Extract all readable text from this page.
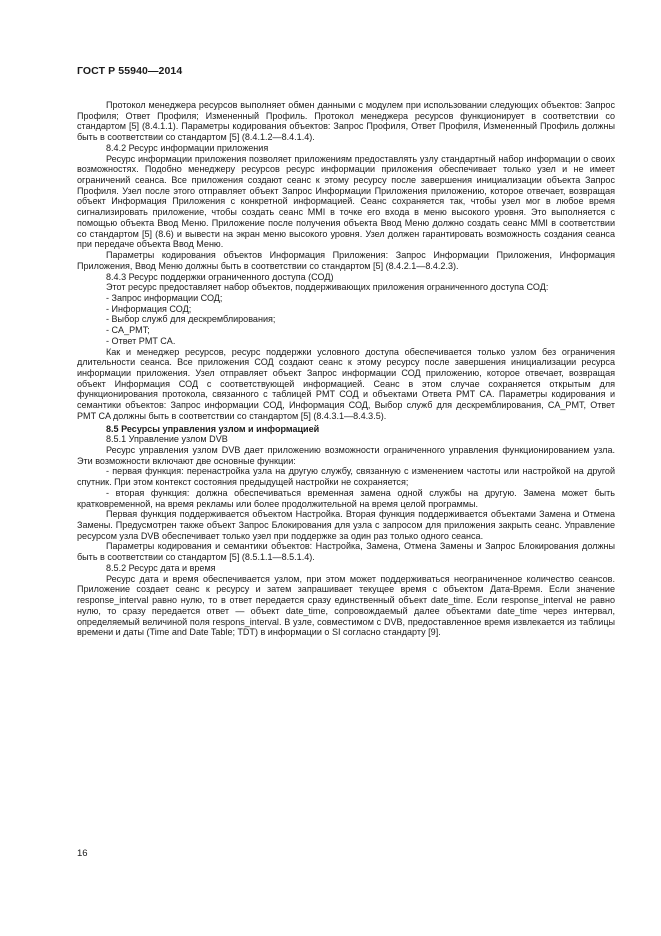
ГОСТ Р 55940—2014

Протокол менеджера ресурсов выполняет обмен данными с модулем при использовании следующих объектов: Запрос Профиля; Ответ Профиля; Измененный Профиль. Протокол менеджера ресурсов функционирует в соответствии со стандартом [5] (8.4.1.1). Параметры кодирования объектов: Запрос Профиля, Ответ Профиля, Измененный Профиль должны быть в соответствии со стандартом [5] (8.4.1.2—8.4.1.4).

8.4.2 Ресурс информации приложения

Ресурс информации приложения позволяет приложениям предоставлять узлу стандартный набор информации о своих возможностях. Подобно менеджеру ресурсов ресурс информации приложения обеспечивает только узел и не имеет ограничений сеанса. Все приложения создают сеанс к этому ресурсу после завершения инициализации объекта Запрос Профиля. Узел после этого отправляет объект Запрос Информации Приложения приложению, которое отвечает, возвращая объект Информация Приложения с конкретной информацией. Сеанс сохраняется так, чтобы узел мог в любое время сигнализировать приложение, чтобы создать сеанс MMI в точке его входа в меню высокого уровня. Это выполняется с помощью объекта Ввод Меню. Приложение после получения объекта Ввод Меню должно создать сеанс MMI в соответствии со стандартом [5] (8.6) и вывести на экран меню высокого уровня. Узел должен гарантировать возможность создания сеанса при передаче объекта Ввод Меню.

Параметры кодирования объектов Информация Приложения: Запрос Информации Приложения, Информация Приложения, Ввод Меню должны быть в соответствии со стандартом [5] (8.4.2.1—8.4.2.3).

8.4.3 Ресурс поддержки ограниченного доступа (СОД)

Этот ресурс предоставляет набор объектов, поддерживающих приложения ограниченного доступа СОД:

- Запрос информации СОД;

- Информация СОД;

- Выбор служб для дескремблирования;

- CA_PMT;

- Ответ PMT CA.

Как и менеджер ресурсов, ресурс поддержки условного доступа обеспечивается только узлом без ограничения длительности сеанса. Все приложения СОД создают сеанс к этому ресурсу после завершения инициализации ресурса информации приложения. Узел отправляет объект Запрос информации СОД приложению, которое отвечает, возвращая объект Информация СОД с соответствующей информацией. Сеанс в этом случае сохраняется открытым для функционирования протокола, связанного с таблицей PMT СОД и объектами Ответа PMT CA. Параметры кодирования и семантики объектов: Запрос информации СОД, Информация СОД, Выбор служб для дескремблирования, CA_PMT, Ответ PMT CA должны быть в соответствии со стандартом [5] (8.4.3.1—8.4.3.5).

8.5 Ресурсы управления узлом и информацией

8.5.1 Управление узлом DVB

Ресурс управления узлом DVB дает приложению возможности ограниченного управления функционированием узла. Эти возможности включают две основные функции:

- первая функция: перенастройка узла на другую службу, связанную с изменением частоты или настройкой на другой спутник. При этом контекст состояния предыдущей настройки не сохраняется;

- вторая функция: должна обеспечиваться временная замена одной службы на другую. Замена может быть кратковременной, на время рекламы или более продолжительной на время целой программы.

Первая функция поддерживается объектом Настройка. Вторая функция поддерживается объектами Замена и Отмена Замены. Предусмотрен также объект Запрос Блокирования для узла с запросом для приложения закрыть сеанс. Управление ресурсом узла DVB обеспечивает только узел при поддержке за один раз только одного сеанса.

Параметры кодирования и семантики объектов: Настройка, Замена, Отмена Замены и Запрос Блокирования должны быть в соответствии со стандартом [5] (8.5.1.1—8.5.1.4).

8.5.2 Ресурс дата и время

Ресурс дата и время обеспечивается узлом, при этом может поддерживаться неограниченное количество сеансов. Приложение создает сеанс к ресурсу и затем запрашивает текущее время с объектом Дата-Время. Если значение response_interval равно нулю, то в ответ передается сразу единственный объект date_time. Если response_interval не равно нулю, то сразу передается ответ — объект date_time, сопровождаемый далее объектами date_time через интервал, определяемый величиной поля respons_interval. В узле, совместимом с DVB, предоставленное время извлекается из таблицы времени и даты (Time and Date Table; TDT) в информации о SI согласно стандарту [9].

16
